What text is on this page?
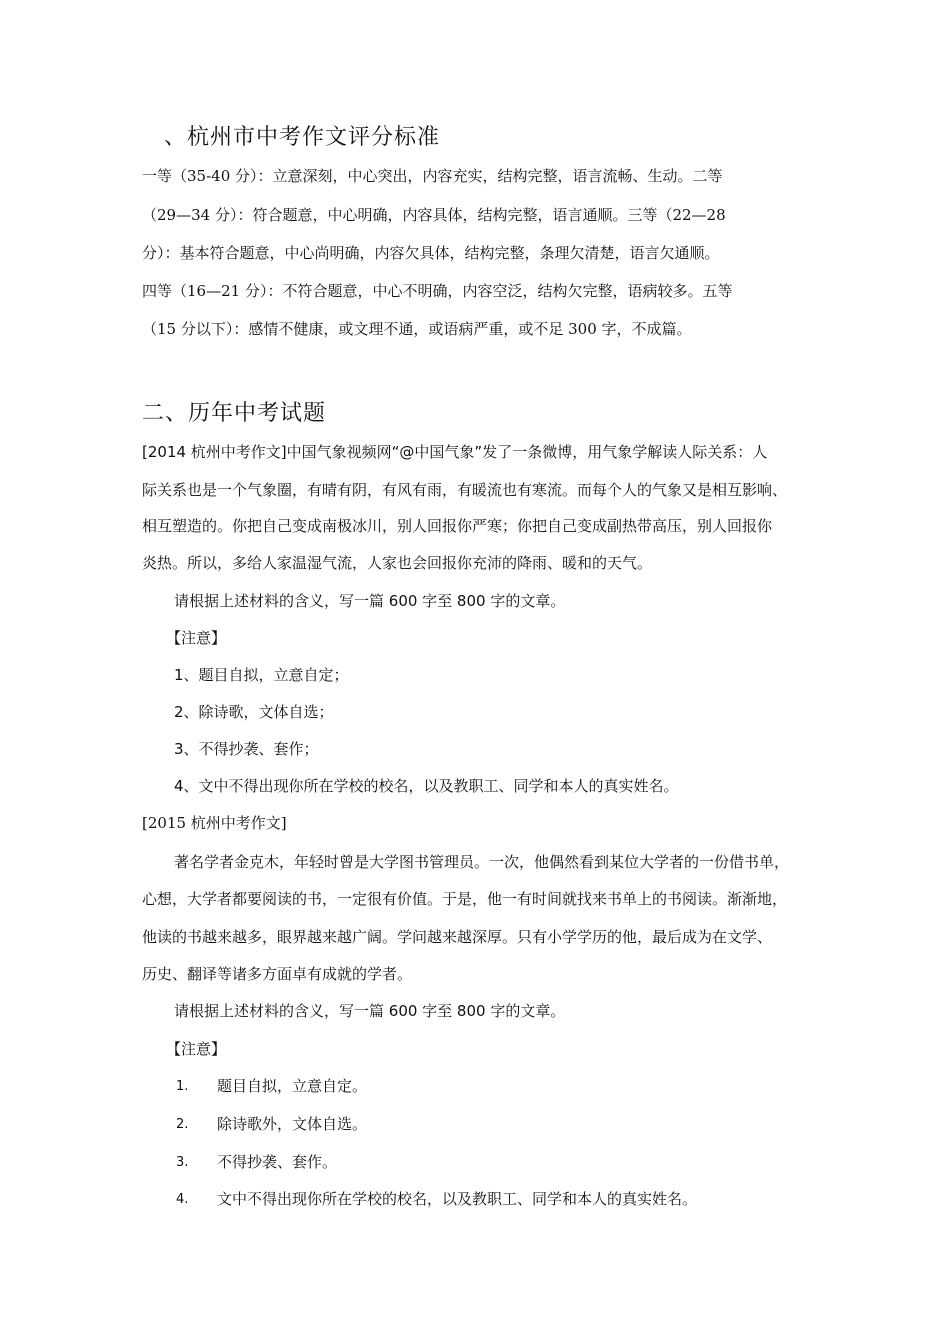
、杭州市中考作文评分标准
一等（35-40 分）：立意深刻，中心突出，内容充实，结构完整，语言流畅、生动。二等
（29—34 分）：符合题意，中心明确，内容具体，结构完整，语言通顺。三等（22—28
分）：基本符合题意，中心尚明确，内容欠具体，结构完整，条理欠清楚，语言欠通顺。
四等（16—21 分）：不符合题意，中心不明确，内容空泛，结构欠完整，语病较多。五等
（15 分以下）：感情不健康，或文理不通，或语病严重，或不足 300 字，不成篇。
二、历年中考试题
[2014 杭州中考作文]中国气象视频网“@中国气象”发了一条微博，用气象学解读人际关系：人
际关系也是一个气象圈，有晴有阴，有风有雨，有暖流也有寒流。而每个人的气象又是相互影响、
相互塑造的。你把自己变成南极冰川，别人回报你严寒；你把自己变成副热带高压，别人回报你
炎热。所以，多给人家温湿气流，人家也会回报你充沛的降雨、暖和的天气。
请根据上述材料的含义，写一篇 600 字至 800 字的文章。
【注意】
1、题目自拟，立意自定；
2、除诗歌，文体自选；
3、不得抄袭、套作；
4、文中不得出现你所在学校的校名，以及教职工、同学和本人的真实姓名。
[2015 杭州中考作文]
著名学者金克木，年轻时曾是大学图书管理员。一次，他偶然看到某位大学者的一份借书单，
心想，大学者都要阅读的书，一定很有价值。于是，他一有时间就找来书单上的书阅读。渐渐地，
他读的书越来越多，眼界越来越广阔。学问越来越深厚。只有小学学历的他，最后成为在文学、
历史、翻译等诸多方面卓有成就的学者。
请根据上述材料的含义，写一篇 600 字至 800 字的文章。
【注意】
1. 题目自拟，立意自定。
2. 除诗歌外，文体自选。
3. 不得抄袭、套作。
4. 文中不得出现你所在学校的校名，以及教职工、同学和本人的真实姓名。
